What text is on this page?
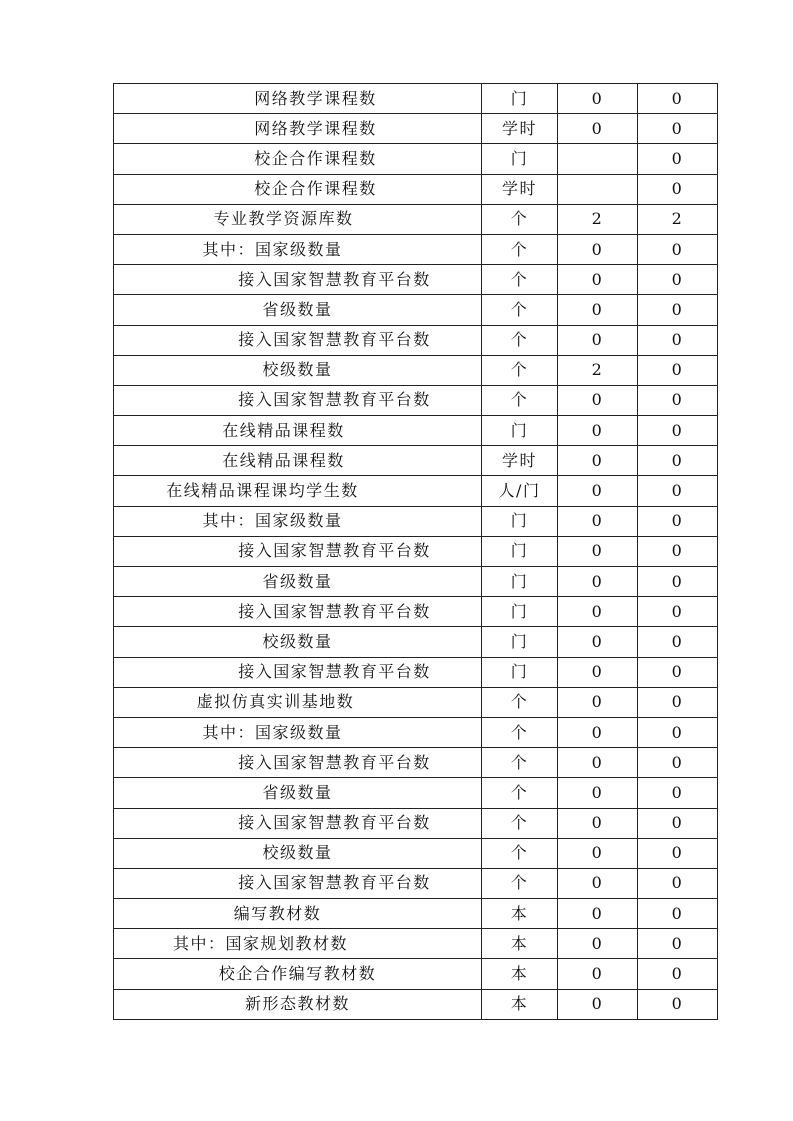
网络教学课程数	门	0	0
网络教学课程数	学时	0	0
校企合作课程数	门		0
校企合作课程数	学时		0
专业教学资源库数	个	2	2
其中：国家级数量	个	0	0
接入国家智慧教育平台数	个	0	0
省级数量	个	0	0
接入国家智慧教育平台数	个	0	0
校级数量	个	2	0
接入国家智慧教育平台数	个	0	0
在线精品课程数	门	0	0
在线精品课程数	学时	0	0
在线精品课程课均学生数	人/门	0	0
其中：国家级数量	门	0	0
接入国家智慧教育平台数	门	0	0
省级数量	门	0	0
接入国家智慧教育平台数	门	0	0
校级数量	门	0	0
接入国家智慧教育平台数	门	0	0
虚拟仿真实训基地数	个	0	0
其中：国家级数量	个	0	0
接入国家智慧教育平台数	个	0	0
省级数量	个	0	0
接入国家智慧教育平台数	个	0	0
校级数量	个	0	0
接入国家智慧教育平台数	个	0	0
编写教材数	本	0	0
其中：国家规划教材数	本	0	0
校企合作编写教材数	本	0	0
新形态教材数	本	0	0
